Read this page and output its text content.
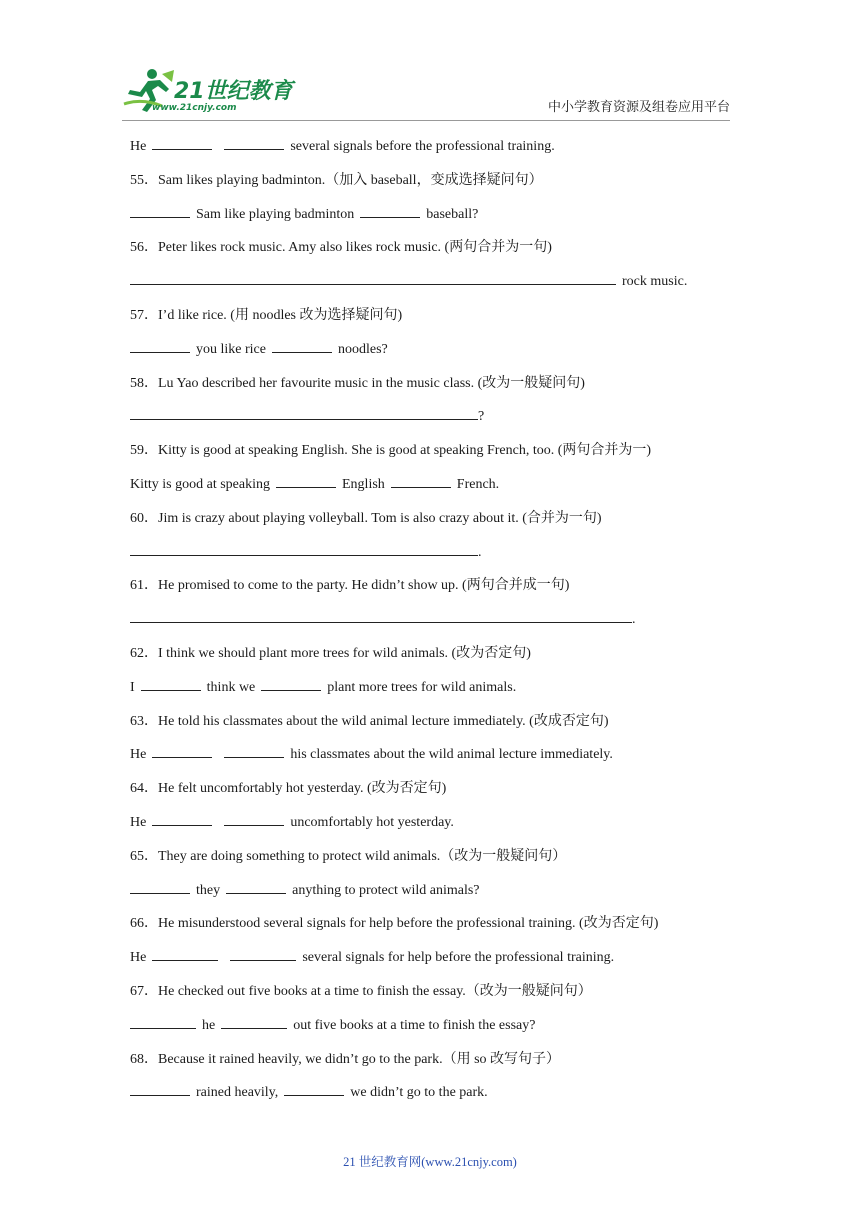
21世纪教育
www.21cnjy.com	中小学教育资源及组卷应用平台
He	several signals before the professional training.
55．Sam likes playing badminton.（加入 baseball，变成选择疑问句）
Sam like playing badminton	baseball?
56．Peter likes rock music. Amy also likes rock music. (两句合并为一句)
rock music.
57．I’d like rice. (用 noodles 改为选择疑问句)
you like rice	noodles?
58．Lu Yao described her favourite music in the music class. (改为一般疑问句)
?
59．Kitty is good at speaking English. She is good at speaking French, too. (两句合并为一)
Kitty is good at speaking	English	French.
60．Jim is crazy about playing volleyball. Tom is also crazy about it. (合并为一句)
.
61．He promised to come to the party. He didn’t show up. (两句合并成一句)
.
62．I think we should plant more trees for wild animals. (改为否定句)
I	think we	plant more trees for wild animals.
63．He told his classmates about the wild animal lecture immediately. (改成否定句)
He	his classmates about the wild animal lecture immediately.
64．He felt uncomfortably hot yesterday. (改为否定句)
He	uncomfortably hot yesterday.
65．They are doing something to protect wild animals.（改为一般疑问句）
they	anything to protect wild animals?
66．He misunderstood several signals for help before the professional training. (改为否定句)
He	several signals for help before the professional training.
67．He checked out five books at a time to finish the essay.（改为一般疑问句）
he	out five books at a time to finish the essay?
68．Because it rained heavily, we didn’t go to the park.（用 so 改写句子）
rained heavily,	we didn’t go to the park.
21 世纪教育网(www.21cnjy.com)
